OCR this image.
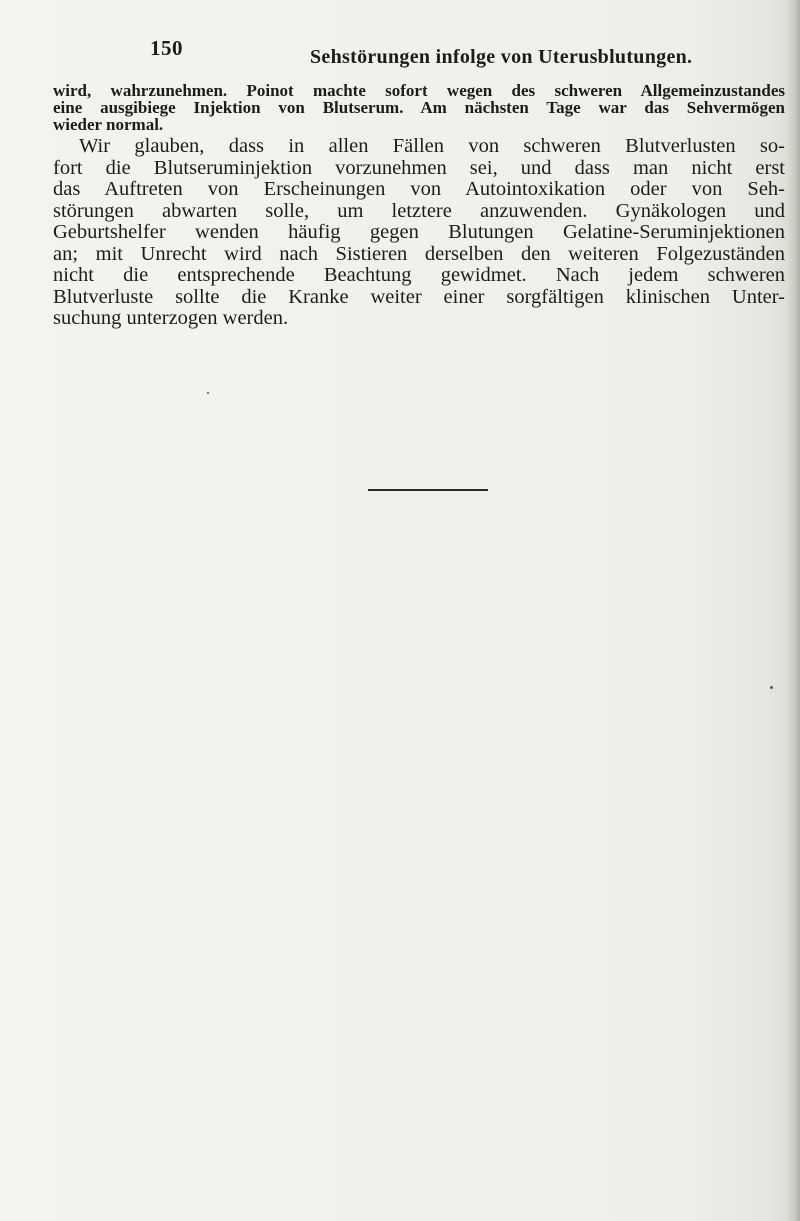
150	Sehstörungen infolge von Uterusblutungen.
wird, wahrzunehmen. Poinot machte sofort wegen des schweren Allgemeinzustandes
eine ausgibiege Injektion von Blutserum. Am nächsten Tage war das Sehvermögen
wieder normal.
Wir glauben, dass in allen Fällen von schweren Blutverlusten so-
fort die Blutseruminjektion vorzunehmen sei, und dass man nicht erst
das Auftreten von Erscheinungen von Autointoxikation oder von Seh-
störungen abwarten solle, um letztere anzuwenden. Gynäkologen und
Geburtshelfer wenden häufig gegen Blutungen Gelatine-Seruminjektionen
an; mit Unrecht wird nach Sistieren derselben den weiteren Folgezuständen
nicht die entsprechende Beachtung gewidmet. Nach jedem schweren
Blutverluste sollte die Kranke weiter einer sorgfältigen klinischen Unter-
suchung unterzogen werden.
